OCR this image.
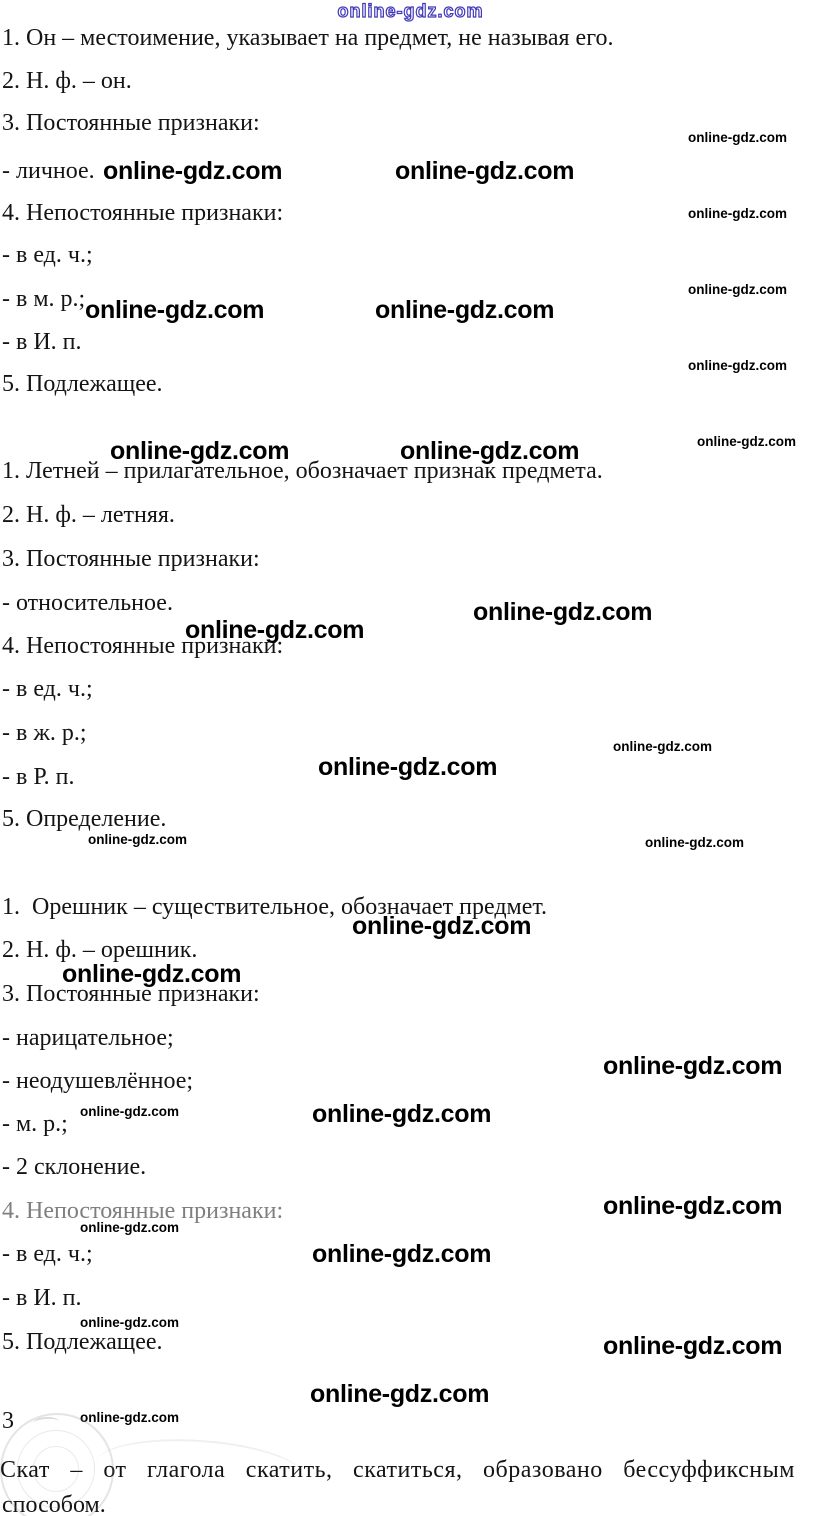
online-gdz.com
1. Он – местоимение, указывает на предмет, не называя его.
2. Н. ф. – он.
3. Постоянные признаки:
- личное.
4. Непостоянные признаки:
- в ед. ч.;
- в м. р.;
- в И. п.
5. Подлежащее.
1. Летней – прилагательное, обозначает признак предмета.
2. Н. ф. – летняя.
3. Постоянные признаки:
- относительное.
4. Непостоянные признаки:
- в ед. ч.;
- в ж. р.;
- в Р. п.
5. Определение.
1.  Орешник – существительное, обозначает предмет.
2. Н. ф. – орешник.
3. Постоянные признаки:
- нарицательное;
- неодушевлённое;
- м. р.;
- 2 склонение.
4. Непостоянные признаки:
- в ед. ч.;
- в И. п.
5. Подлежащее.
3
Скат – от глагола скатить, скатиться, образовано бессуффиксным
способом.
online-gdz.com	online-gdz.com
online-gdz.com	online-gdz.com
online-gdz.com	online-gdz.com
online-gdz.com
online-gdz.com
online-gdz.com
online-gdz.com
online-gdz.com
online-gdz.com
online-gdz.com
online-gdz.com
online-gdz.com
online-gdz.com
online-gdz.com
online-gdz.com
online-gdz.com
online-gdz.com
online-gdz.com
online-gdz.com
online-gdz.com
online-gdz.com	online-gdz.com
online-gdz.com
online-gdz.com
online-gdz.com
online-gdz.com
